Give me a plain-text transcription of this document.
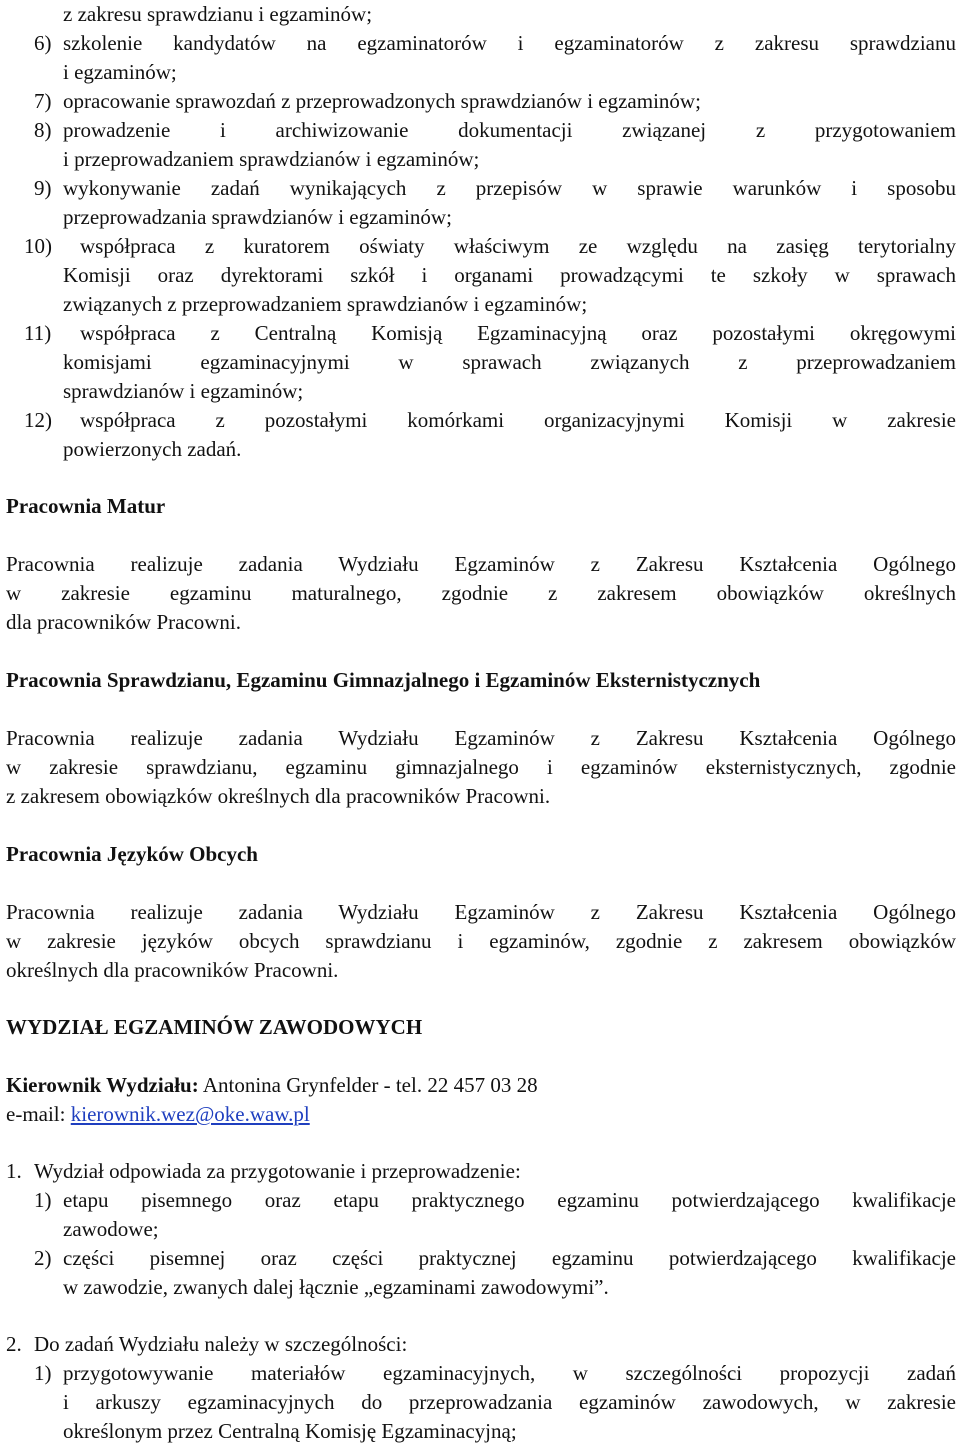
z zakresu sprawdzianu i egzaminów;
6) szkolenie kandydatów na egzaminatorów i egzaminatorów z zakresu sprawdzianu
i egzaminów;
7) opracowanie sprawozdań z przeprowadzonych sprawdzianów i egzaminów;
8) prowadzenie i archiwizowanie dokumentacji związanej z przygotowaniem
i przeprowadzaniem sprawdzianów i egzaminów;
9) wykonywanie zadań wynikających z przepisów w sprawie warunków i sposobu
przeprowadzania sprawdzianów i egzaminów;
10) współpraca z kuratorem oświaty właściwym ze względu na zasięg terytorialny
Komisji oraz dyrektorami szkół i organami prowadzącymi te szkoły w sprawach
związanych z przeprowadzaniem sprawdzianów i egzaminów;
11) współpraca z Centralną Komisją Egzaminacyjną oraz pozostałymi okręgowymi
komisjami egzaminacyjnymi w sprawach związanych z przeprowadzaniem
sprawdzianów i egzaminów;
12) współpraca z pozostałymi komórkami organizacyjnymi Komisji w zakresie
powierzonych zadań.
Pracownia Matur
Pracownia realizuje zadania Wydziału Egzaminów z Zakresu Kształcenia Ogólnego
w zakresie egzaminu maturalnego, zgodnie z zakresem obowiązków określnych
dla pracowników Pracowni.
Pracownia Sprawdzianu, Egzaminu Gimnazjalnego i Egzaminów Eksternistycznych
Pracownia realizuje zadania Wydziału Egzaminów z Zakresu Kształcenia Ogólnego
w zakresie sprawdzianu, egzaminu gimnazjalnego i egzaminów eksternistycznych, zgodnie
z zakresem obowiązków określnych dla pracowników Pracowni.
Pracownia Języków Obcych
Pracownia realizuje zadania Wydziału Egzaminów z Zakresu Kształcenia Ogólnego
w zakresie języków obcych sprawdzianu i egzaminów, zgodnie z zakresem obowiązków
określnych dla pracowników Pracowni.
WYDZIAŁ EGZAMINÓW ZAWODOWYCH
Kierownik Wydziału: Antonina Grynfelder - tel. 22 457 03 28
e-mail: kierownik.wez@oke.waw.pl
1. Wydział odpowiada za przygotowanie i przeprowadzenie:
1) etapu pisemnego oraz etapu praktycznego egzaminu potwierdzającego kwalifikacje
zawodowe;
2) części pisemnej oraz części praktycznej egzaminu potwierdzającego kwalifikacje
w zawodzie, zwanych dalej łącznie „egzaminami zawodowymi”.
2. Do zadań Wydziału należy w szczególności:
1) przygotowywanie materiałów egzaminacyjnych, w szczególności propozycji zadań
i arkuszy egzaminacyjnych do przeprowadzania egzaminów zawodowych, w zakresie
określonym przez Centralną Komisję Egzaminacyjną;
